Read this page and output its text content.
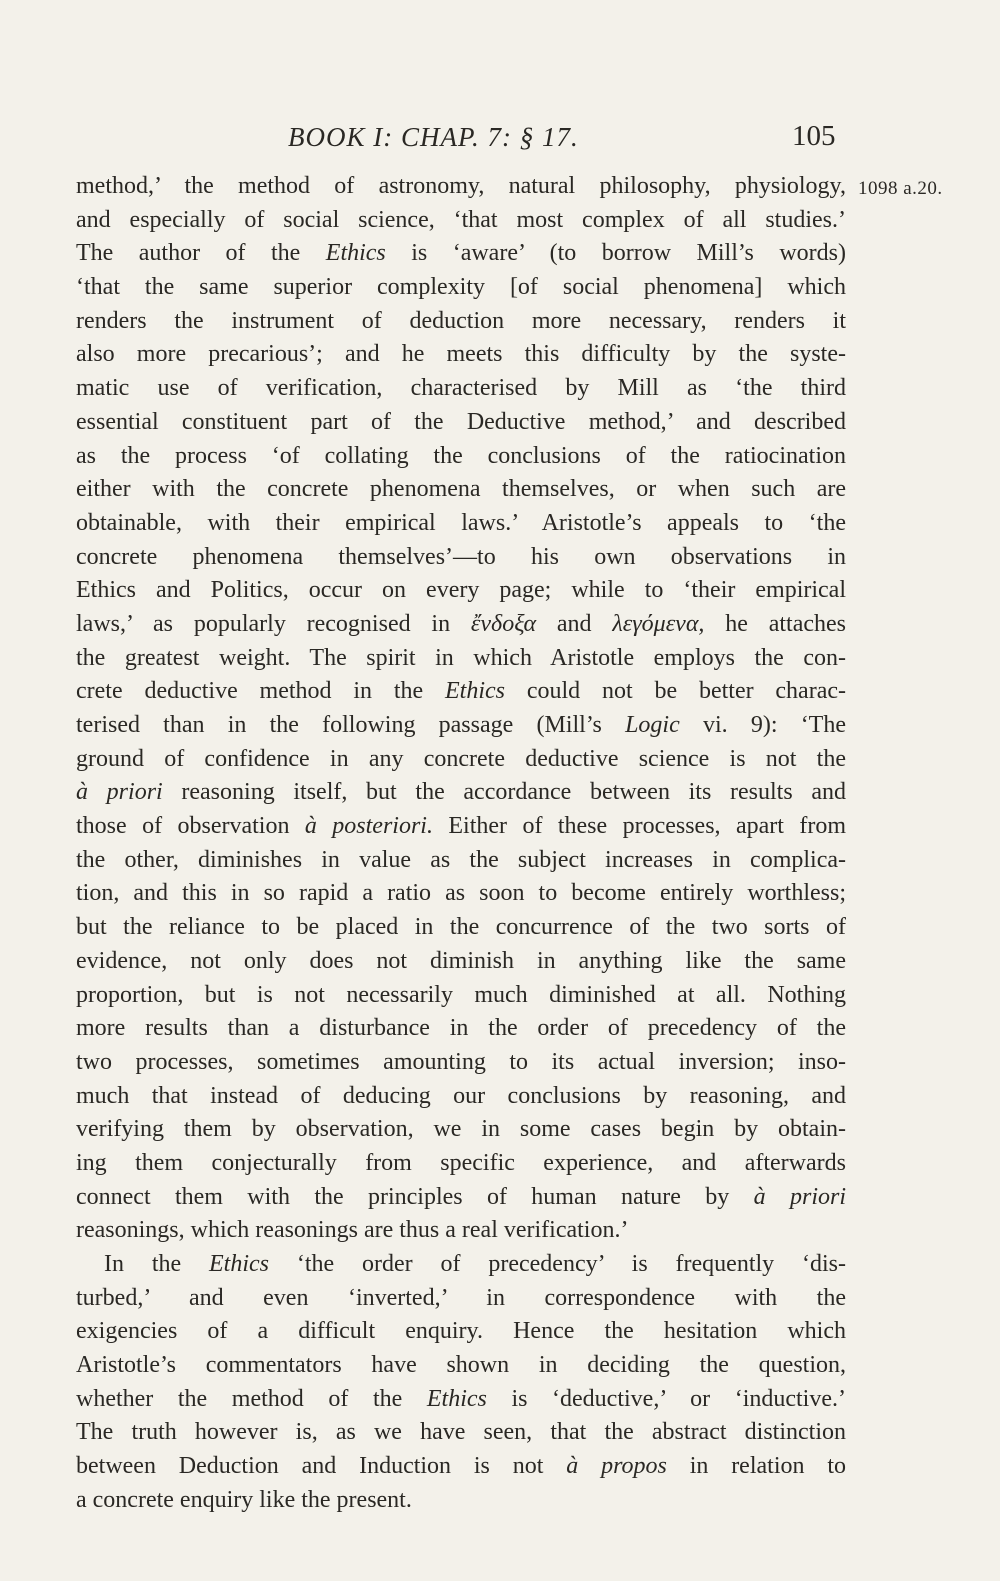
BOOK I: CHAP. 7: § 17.	105
1098 a.20.
method,’ the method of astronomy, natural philosophy, physiology,
and especially of social science, ‘that most complex of all studies.’
The author of the Ethics is ‘aware’ (to borrow Mill’s words)
‘that the same superior complexity [of social phenomena] which
renders the instrument of deduction more necessary, renders it
also more precarious’; and he meets this difficulty by the syste-
matic use of verification, characterised by Mill as ‘the third
essential constituent part of the Deductive method,’ and described
as the process ‘of collating the conclusions of the ratiocination
either with the concrete phenomena themselves, or when such are
obtainable, with their empirical laws.’ Aristotle’s appeals to ‘the
concrete phenomena themselves’—to his own observations in
Ethics and Politics, occur on every page; while to ‘their empirical
laws,’ as popularly recognised in ἔνδοξα and λεγόμενα, he attaches
the greatest weight. The spirit in which Aristotle employs the con-
crete deductive method in the Ethics could not be better charac-
terised than in the following passage (Mill’s Logic vi. 9): ‘The
ground of confidence in any concrete deductive science is not the
à priori reasoning itself, but the accordance between its results and
those of observation à posteriori. Either of these processes, apart from
the other, diminishes in value as the subject increases in complica-
tion, and this in so rapid a ratio as soon to become entirely worthless;
but the reliance to be placed in the concurrence of the two sorts of
evidence, not only does not diminish in anything like the same
proportion, but is not necessarily much diminished at all. Nothing
more results than a disturbance in the order of precedency of the
two processes, sometimes amounting to its actual inversion; inso-
much that instead of deducing our conclusions by reasoning, and
verifying them by observation, we in some cases begin by obtain-
ing them conjecturally from specific experience, and afterwards
connect them with the principles of human nature by à priori
reasonings, which reasonings are thus a real verification.’
In the Ethics ‘the order of precedency’ is frequently ‘dis-
turbed,’ and even ‘inverted,’ in correspondence with the
exigencies of a difficult enquiry. Hence the hesitation which
Aristotle’s commentators have shown in deciding the question,
whether the method of the Ethics is ‘deductive,’ or ‘inductive.’
The truth however is, as we have seen, that the abstract distinction
between Deduction and Induction is not à propos in relation to
a concrete enquiry like the present.
